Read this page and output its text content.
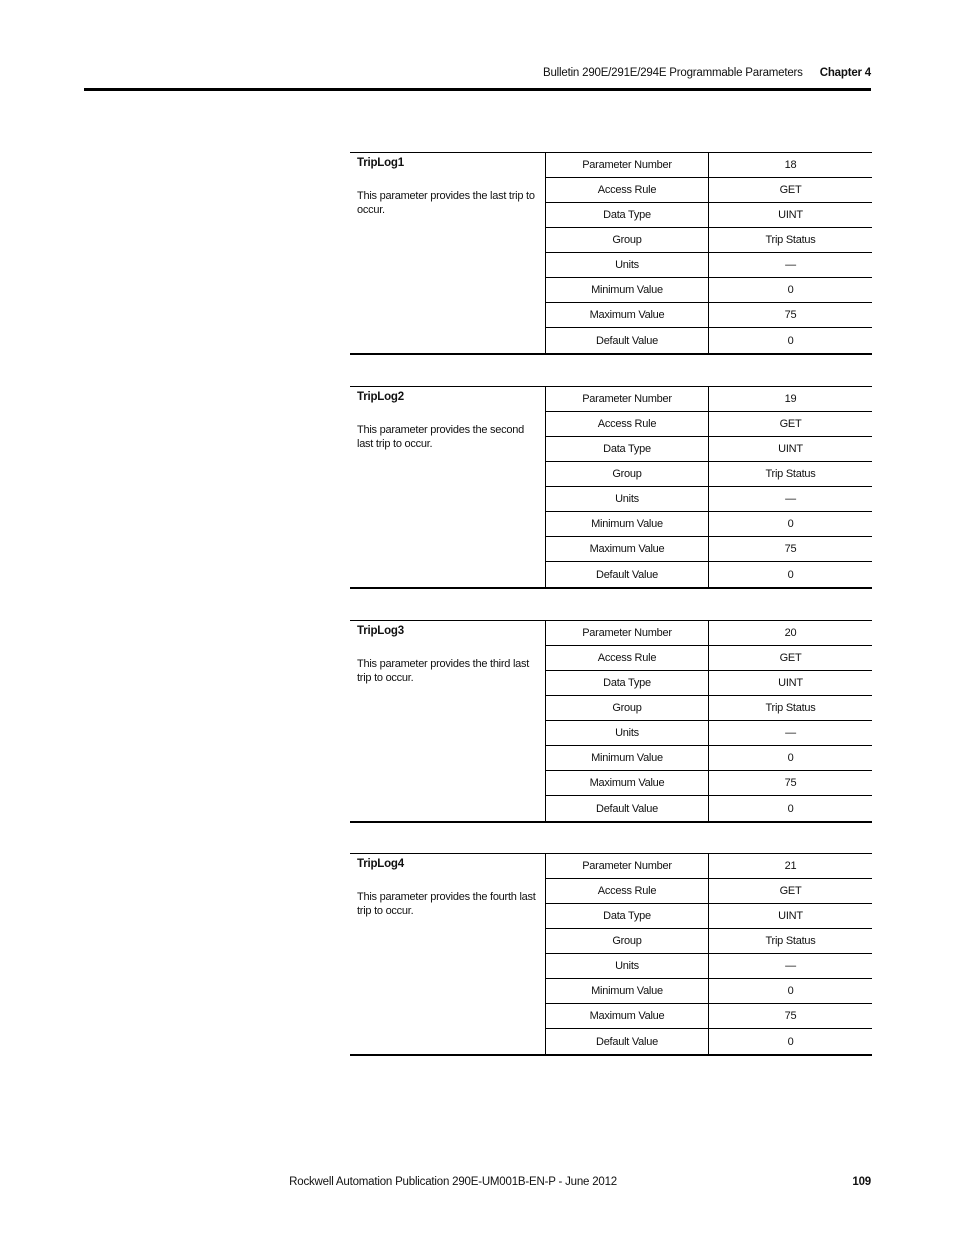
Bulletin 290E/291E/294E Programmable Parameters Chapter 4
TripLog1
This parameter provides the last trip to occur.
Parameter Number	18
Access Rule	GET
Data Type	UINT
Group	Trip Status
Units	—
Minimum Value	0
Maximum Value	75
Default Value	0
TripLog2
This parameter provides the second last trip to occur.
Parameter Number	19
Access Rule	GET
Data Type	UINT
Group	Trip Status
Units	—
Minimum Value	0
Maximum Value	75
Default Value	0
TripLog3
This parameter provides the third last trip to occur.
Parameter Number	20
Access Rule	GET
Data Type	UINT
Group	Trip Status
Units	—
Minimum Value	0
Maximum Value	75
Default Value	0
TripLog4
This parameter provides the fourth last trip to occur.
Parameter Number	21
Access Rule	GET
Data Type	UINT
Group	Trip Status
Units	—
Minimum Value	0
Maximum Value	75
Default Value	0
Rockwell Automation Publication 290E-UM001B-EN-P - June 2012	109
